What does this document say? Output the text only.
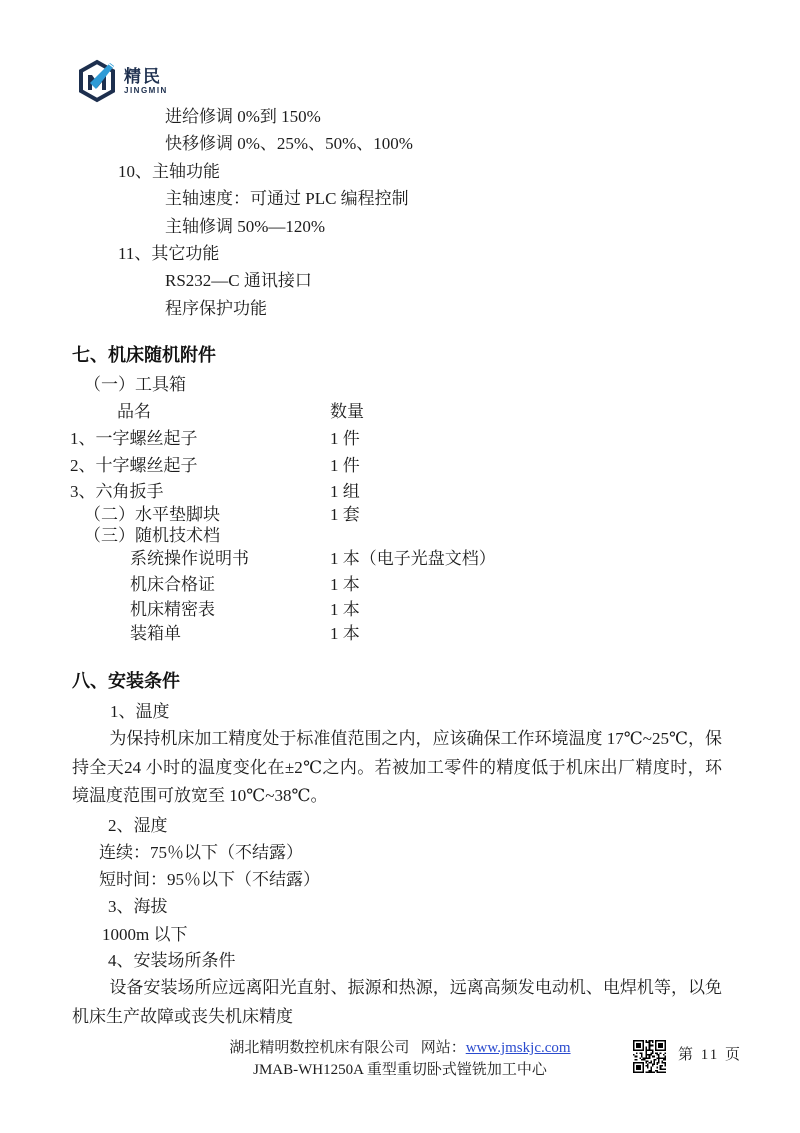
精民
JINGMIN
进给修调 0%到 150%
快移修调 0%、25%、50%、100%
10、主轴功能
主轴速度：可通过 PLC 编程控制
主轴修调 50%—120%
11、其它功能
RS232—C 通讯接口
程序保护功能
七、机床随机附件
（一）工具箱
品名	数量
1、一字螺丝起子	1 件
2、十字螺丝起子	1 件
3、六角扳手	1 组
（二）水平垫脚块	1 套
（三）随机技术档
系统操作说明书	1 本（电子光盘文档）
机床合格证	1 本
机床精密表	1 本
装箱单	1 本
八、安装条件
1、温度
为保持机床加工精度处于标准值范围之内，应该确保工作环境温度 17℃~25℃，保持全天24 小时的温度变化在±2℃之内。若被加工零件的精度低于机床出厂精度时，环境温度范围可放宽至 10℃~38℃。
2、湿度
连续：75％以下（不结露）
短时间：95％以下（不结露）
3、海拔
1000m 以下
4、安装场所条件
设备安装场所应远离阳光直射、振源和热源，远离高频发电动机、电焊机等，以免机床生产故障或丧失机床精度
湖北精明数控机床有限公司 网站：www.jmskjc.com
JMAB-WH1250A 重型重切卧式镗铣加工中心
第 11 页
